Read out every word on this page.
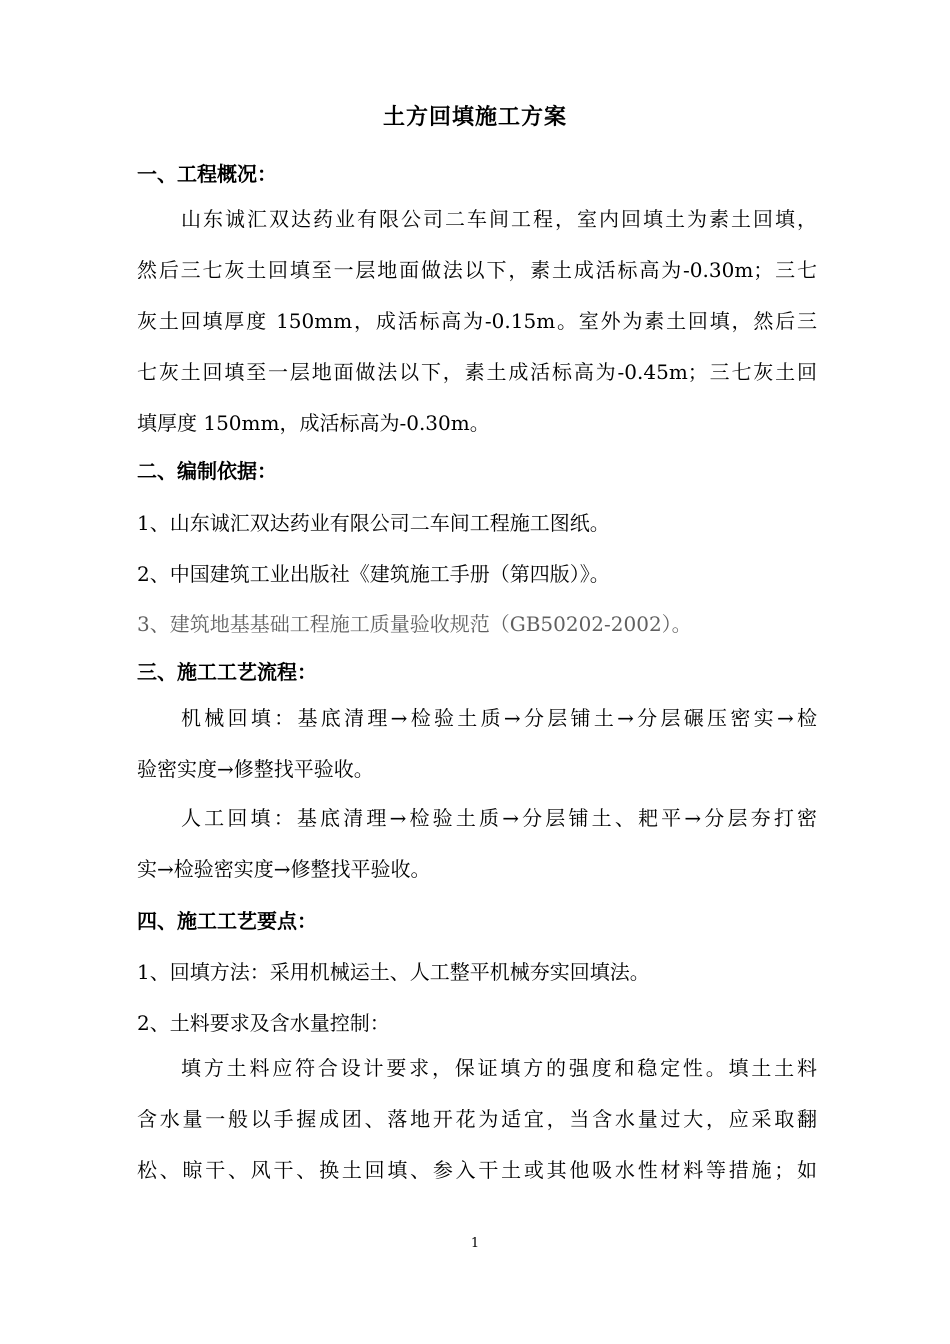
土方回填施工方案
一、工程概况：
山东诚汇双达药业有限公司二车间工程，室内回填土为素土回填，
然后三七灰土回填至一层地面做法以下，素土成活标高为-0.30m；三七
灰土回填厚度 150mm，成活标高为-0.15m。室外为素土回填，然后三
七灰土回填至一层地面做法以下，素土成活标高为-0.45m；三七灰土回
填厚度 150mm，成活标高为-0.30m。
二、编制依据：
1、山东诚汇双达药业有限公司二车间工程施工图纸。
2、中国建筑工业出版社《建筑施工手册（第四版）》。
3、建筑地基基础工程施工质量验收规范（GB50202-2002）。
三、施工工艺流程：
机械回填：基底清理→检验土质→分层铺土→分层碾压密实→检
验密实度→修整找平验收。
人工回填：基底清理→检验土质→分层铺土、耙平→分层夯打密
实→检验密实度→修整找平验收。
四、施工工艺要点：
1、回填方法：采用机械运土、人工整平机械夯实回填法。
2、土料要求及含水量控制：
填方土料应符合设计要求，保证填方的强度和稳定性。填土土料
含水量一般以手握成团、落地开花为适宜，当含水量过大，应采取翻
松、晾干、风干、换土回填、参入干土或其他吸水性材料等措施；如
1
